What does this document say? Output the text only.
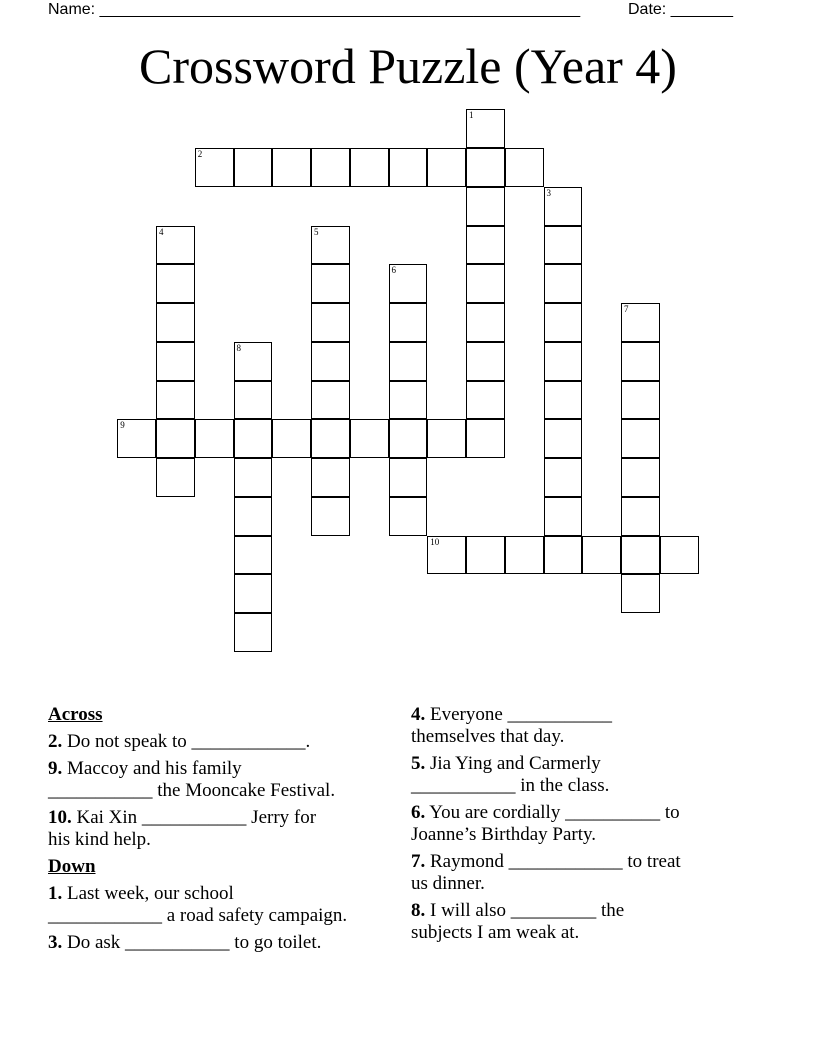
Name: ______________________________________________________	Date: _______
Crossword Puzzle (Year 4)
1
2
3
4	5
6
7
8
9
10
Across
2. Do not speak to ____________.
9. Maccoy and his family
___________ the Mooncake Festival.
10. Kai Xin ___________ Jerry for
his kind help.
Down
1. Last week, our school
____________ a road safety campaign.
3. Do ask ___________ to go toilet.
4. Everyone ___________
themselves that day.
5. Jia Ying and Carmerly
___________ in the class.
6. You are cordially __________ to
Joanne’s Birthday Party.
7. Raymond ____________ to treat
us dinner.
8. I will also _________ the
subjects I am weak at.
